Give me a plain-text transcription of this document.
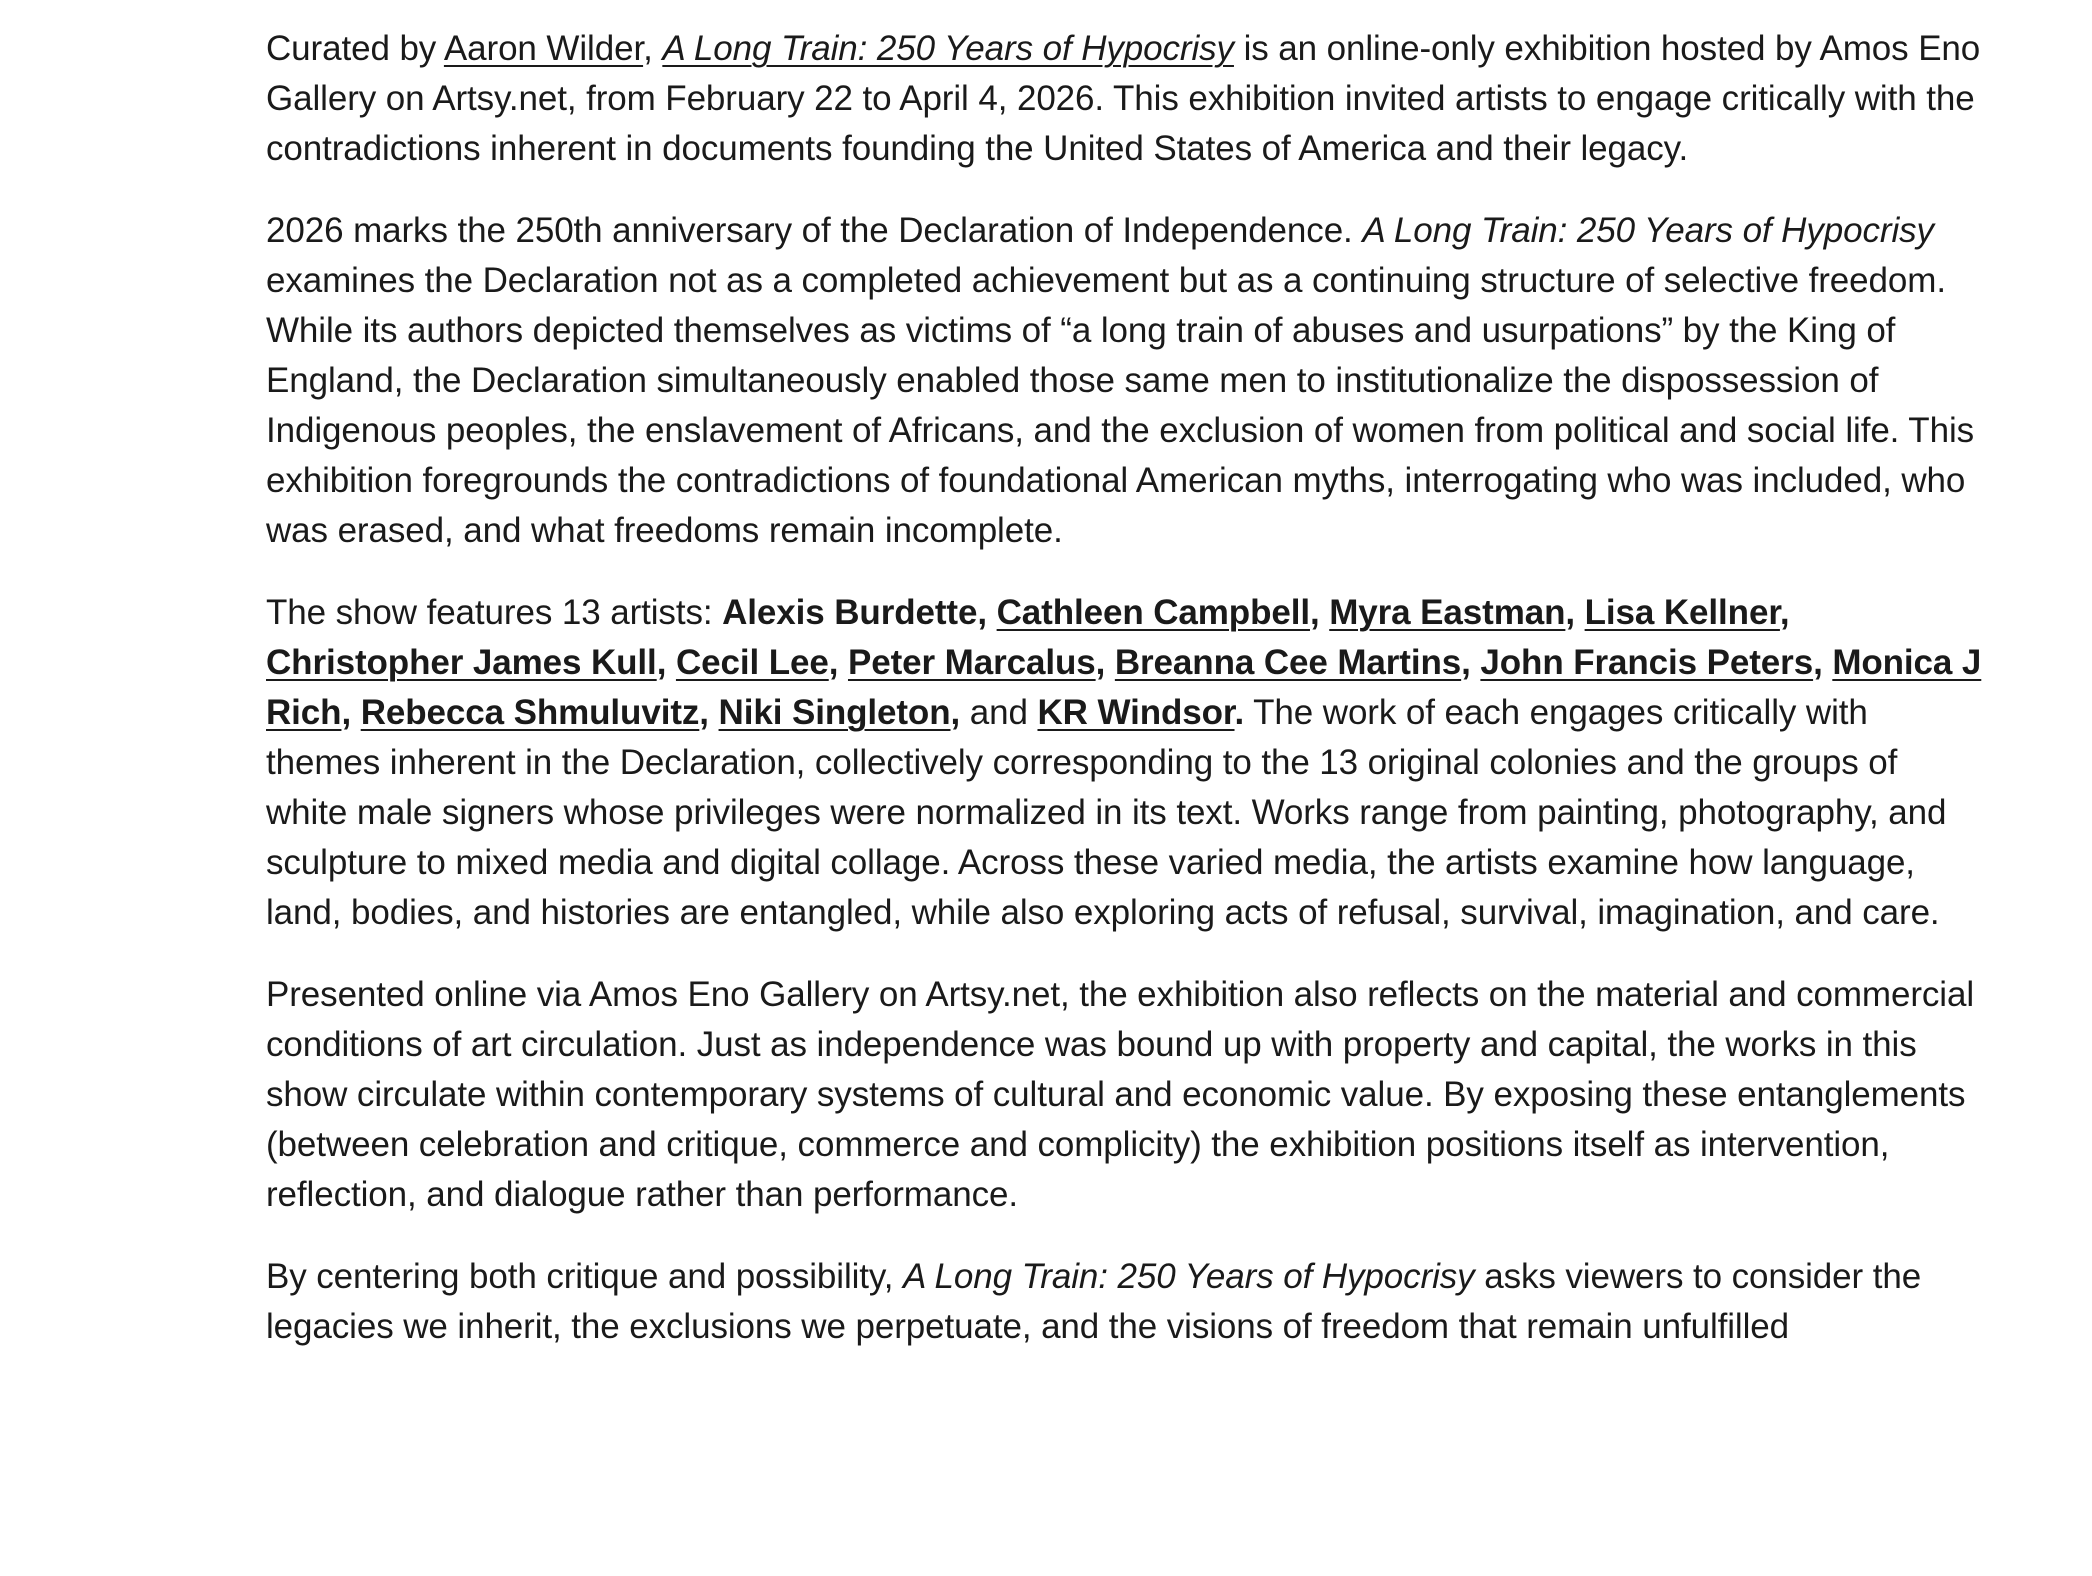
Curated by Aaron Wilder, A Long Train: 250 Years of Hypocrisy is an online-only exhibition hosted by Amos Eno Gallery on Artsy.net, from February 22 to April 4, 2026. This exhibition invited artists to engage critically with the contradictions inherent in documents founding the United States of America and their legacy.

2026 marks the 250th anniversary of the Declaration of Independence. A Long Train: 250 Years of Hypocrisy examines the Declaration not as a completed achievement but as a continuing structure of selective freedom. While its authors depicted themselves as victims of “a long train of abuses and usurpations” by the King of England, the Declaration simultaneously enabled those same men to institutionalize the dispossession of Indigenous peoples, the enslavement of Africans, and the exclusion of women from political and social life. This exhibition foregrounds the contradictions of foundational American myths, interrogating who was included, who was erased, and what freedoms remain incomplete.

The show features 13 artists: Alexis Burdette, Cathleen Campbell, Myra Eastman, Lisa Kellner, Christopher James Kull, Cecil Lee, Peter Marcalus, Breanna Cee Martins, John Francis Peters, Monica J Rich, Rebecca Shmuluvitz, Niki Singleton, and KR Windsor. The work of each engages critically with themes inherent in the Declaration, collectively corresponding to the 13 original colonies and the groups of white male signers whose privileges were normalized in its text. Works range from painting, photography, and sculpture to mixed media and digital collage. Across these varied media, the artists examine how language, land, bodies, and histories are entangled, while also exploring acts of refusal, survival, imagination, and care.

Presented online via Amos Eno Gallery on Artsy.net, the exhibition also reflects on the material and commercial conditions of art circulation. Just as independence was bound up with property and capital, the works in this show circulate within contemporary systems of cultural and economic value. By exposing these entanglements (between celebration and critique, commerce and complicity) the exhibition positions itself as intervention, reflection, and dialogue rather than performance.

By centering both critique and possibility, A Long Train: 250 Years of Hypocrisy asks viewers to consider the legacies we inherit, the exclusions we perpetuate, and the visions of freedom that remain unfulfilled
